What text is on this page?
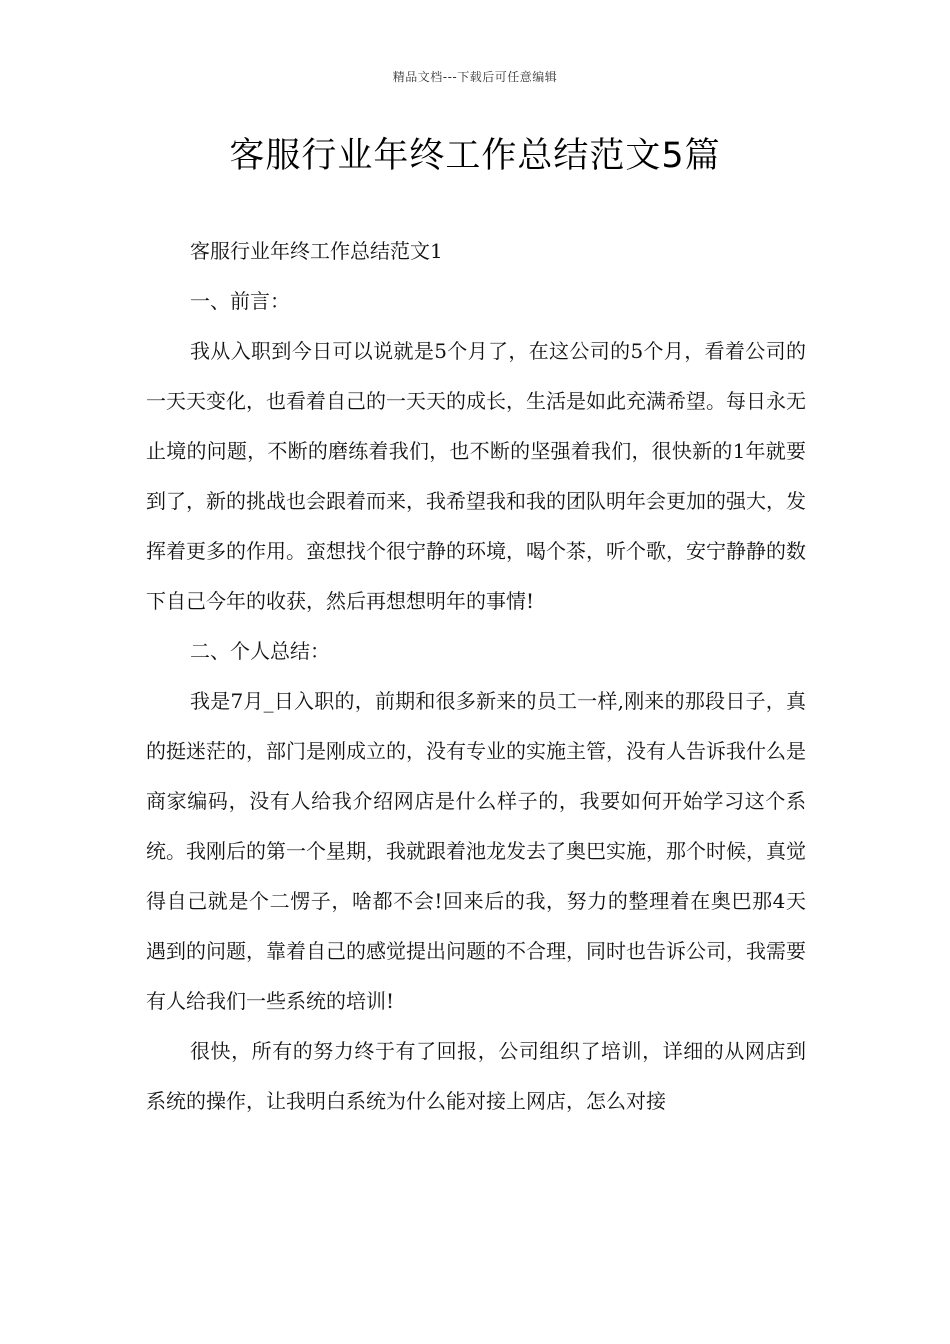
精品文档---下载后可任意编辑
客服行业年终工作总结范文5篇

客服行业年终工作总结范文1

一、前言：

我从入职到今日可以说就是5个月了，在这公司的5个月，看着公司的一天天变化，也看着自己的一天天的成长，生活是如此充满希望。每日永无止境的问题，不断的磨练着我们，也不断的坚强着我们，很快新的1年就要到了，新的挑战也会跟着而来，我希望我和我的团队明年会更加的强大，发挥着更多的作用。蛮想找个很宁静的环境，喝个茶，听个歌，安宁静静的数下自己今年的收获，然后再想想明年的事情!

二、个人总结：

我是7月_日入职的，前期和很多新来的员工一样,刚来的那段日子，真的挺迷茫的，部门是刚成立的，没有专业的实施主管，没有人告诉我什么是商家编码，没有人给我介绍网店是什么样子的，我要如何开始学习这个系统。我刚后的第一个星期，我就跟着池龙发去了奥巴实施，那个时候，真觉得自己就是个二愣子，啥都不会!回来后的我，努力的整理着在奥巴那4天遇到的问题，靠着自己的感觉提出问题的不合理，同时也告诉公司，我需要有人给我们一些系统的培训!

很快，所有的努力终于有了回报，公司组织了培训，详细的从网店到系统的操作，让我明白系统为什么能对接上网店，怎么对接
